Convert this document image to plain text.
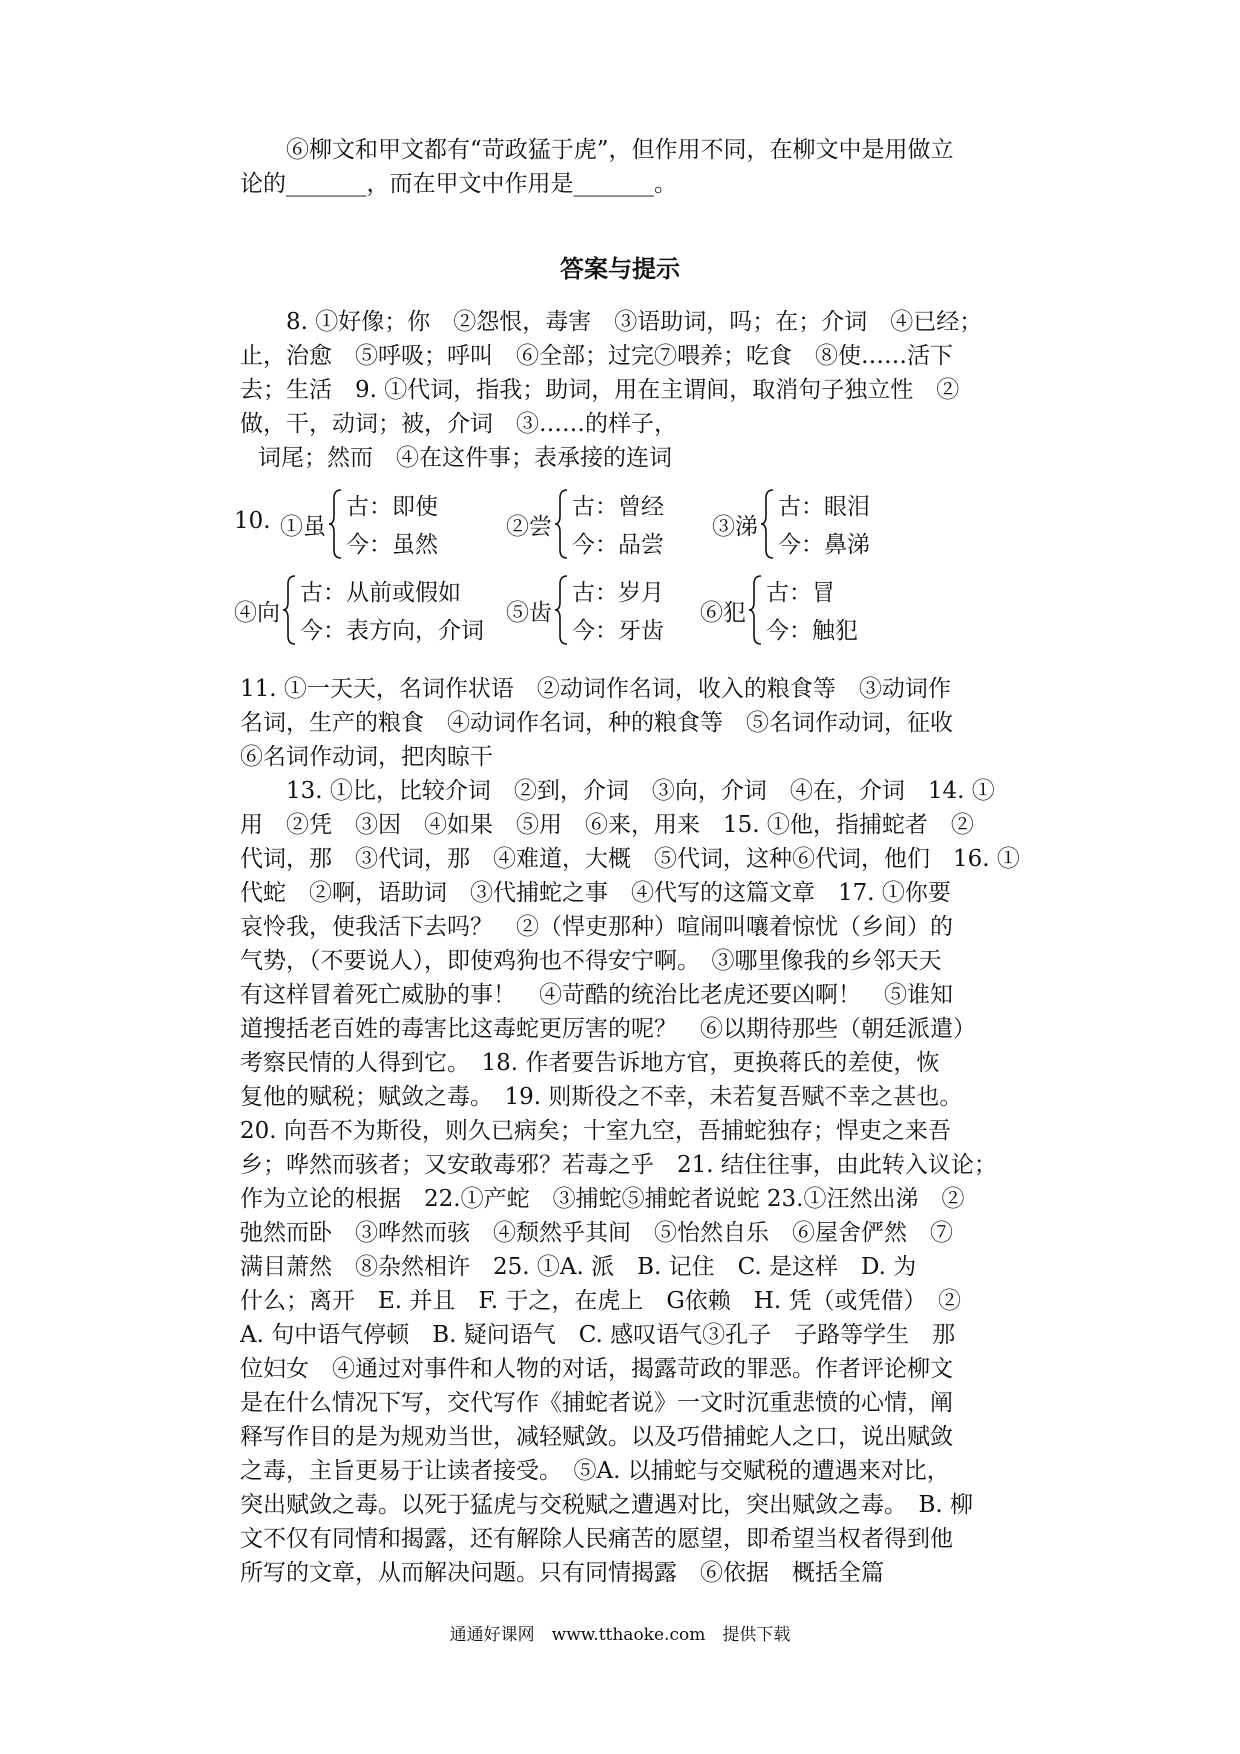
⑥柳文和甲文都有“苛政猛于虎”，但作用不同，在柳文中是用做立
论的_______，而在甲文中作用是_______。
答案与提示
8. ①好像；你　②怨恨，毒害　③语助词，吗；在；介词　④已经；
止，治愈　⑤呼吸；呼叫　⑥全部；过完⑦喂养；吃食　⑧使……活下
去；生活　9. ①代词，指我；助词，用在主谓间，取消句子独立性　②
做，干，动词；被，介词　③……的样子，
词尾；然而　④在这件事；表承接的连词
10. ①虽
古：即使
今：虽然
②尝
古：曾经
今：品尝
③涕
古：眼泪
今：鼻涕
④向
古：从前或假如
今：表方向，介词
⑤齿
古：岁月
今：牙齿
⑥犯
古：冒
今：触犯
11. ①一天天，名词作状语　②动词作名词，收入的粮食等　③动词作
名词，生产的粮食　④动词作名词，种的粮食等　⑤名词作动词，征收
⑥名词作动词，把肉晾干
13. ①比，比较介词　②到，介词　③向，介词　④在，介词　14. ①
用　②凭　③因　④如果　⑤用　⑥来，用来　15. ①他，指捕蛇者　②
代词，那　③代词，那　④难道，大概　⑤代词，这种⑥代词，他们　16. ①
代蛇　②啊，语助词　③代捕蛇之事　④代写的这篇文章　17. ①你要
哀怜我，使我活下去吗？　②（悍吏那种）喧闹叫嚷着惊忧（乡间）的
气势，（不要说人），即使鸡狗也不得安宁啊。　③哪里像我的乡邻天天
有这样冒着死亡威胁的事！　④苛酷的统治比老虎还要凶啊！　⑤谁知
道搜括老百姓的毒害比这毒蛇更厉害的呢？　⑥以期待那些（朝廷派遣）
考察民情的人得到它。　18. 作者要告诉地方官，更换蒋氏的差使，恢
复他的赋税；赋敛之毒。　19. 则斯役之不幸，未若复吾赋不幸之甚也。
20. 向吾不为斯役，则久已病矣；十室九空，吾捕蛇独存；悍吏之来吾
乡；哗然而骇者；又安敢毒邪？若毒之乎　21. 结住往事，由此转入议论；
作为立论的根据　22.①产蛇　③捕蛇⑤捕蛇者说蛇 23.①汪然出涕　②
弛然而卧　③哗然而骇　④颓然乎其间　⑤怡然自乐　⑥屋舍俨然　⑦
满目萧然　⑧杂然相许　25. ①A. 派　B. 记住　C. 是这样　D. 为
什么；离开　E. 并且　F. 于之，在虎上　G依赖　H. 凭（或凭借）　②
A. 句中语气停顿　B. 疑问语气　C. 感叹语气③孔子　子路等学生　那
位妇女　④通过对事件和人物的对话，揭露苛政的罪恶。作者评论柳文
是在什么情况下写，交代写作《捕蛇者说》一文时沉重悲愤的心情，阐
释写作目的是为规劝当世，减轻赋敛。以及巧借捕蛇人之口，说出赋敛
之毒，主旨更易于让读者接受。　⑤A. 以捕蛇与交赋税的遭遇来对比，
突出赋敛之毒。以死于猛虎与交税赋之遭遇对比，突出赋敛之毒。　B. 柳
文不仅有同情和揭露，还有解除人民痛苦的愿望，即希望当权者得到他
所写的文章，从而解决问题。只有同情揭露　⑥依据　概括全篇

通通好课网　www.tthaoke.com　提供下载
